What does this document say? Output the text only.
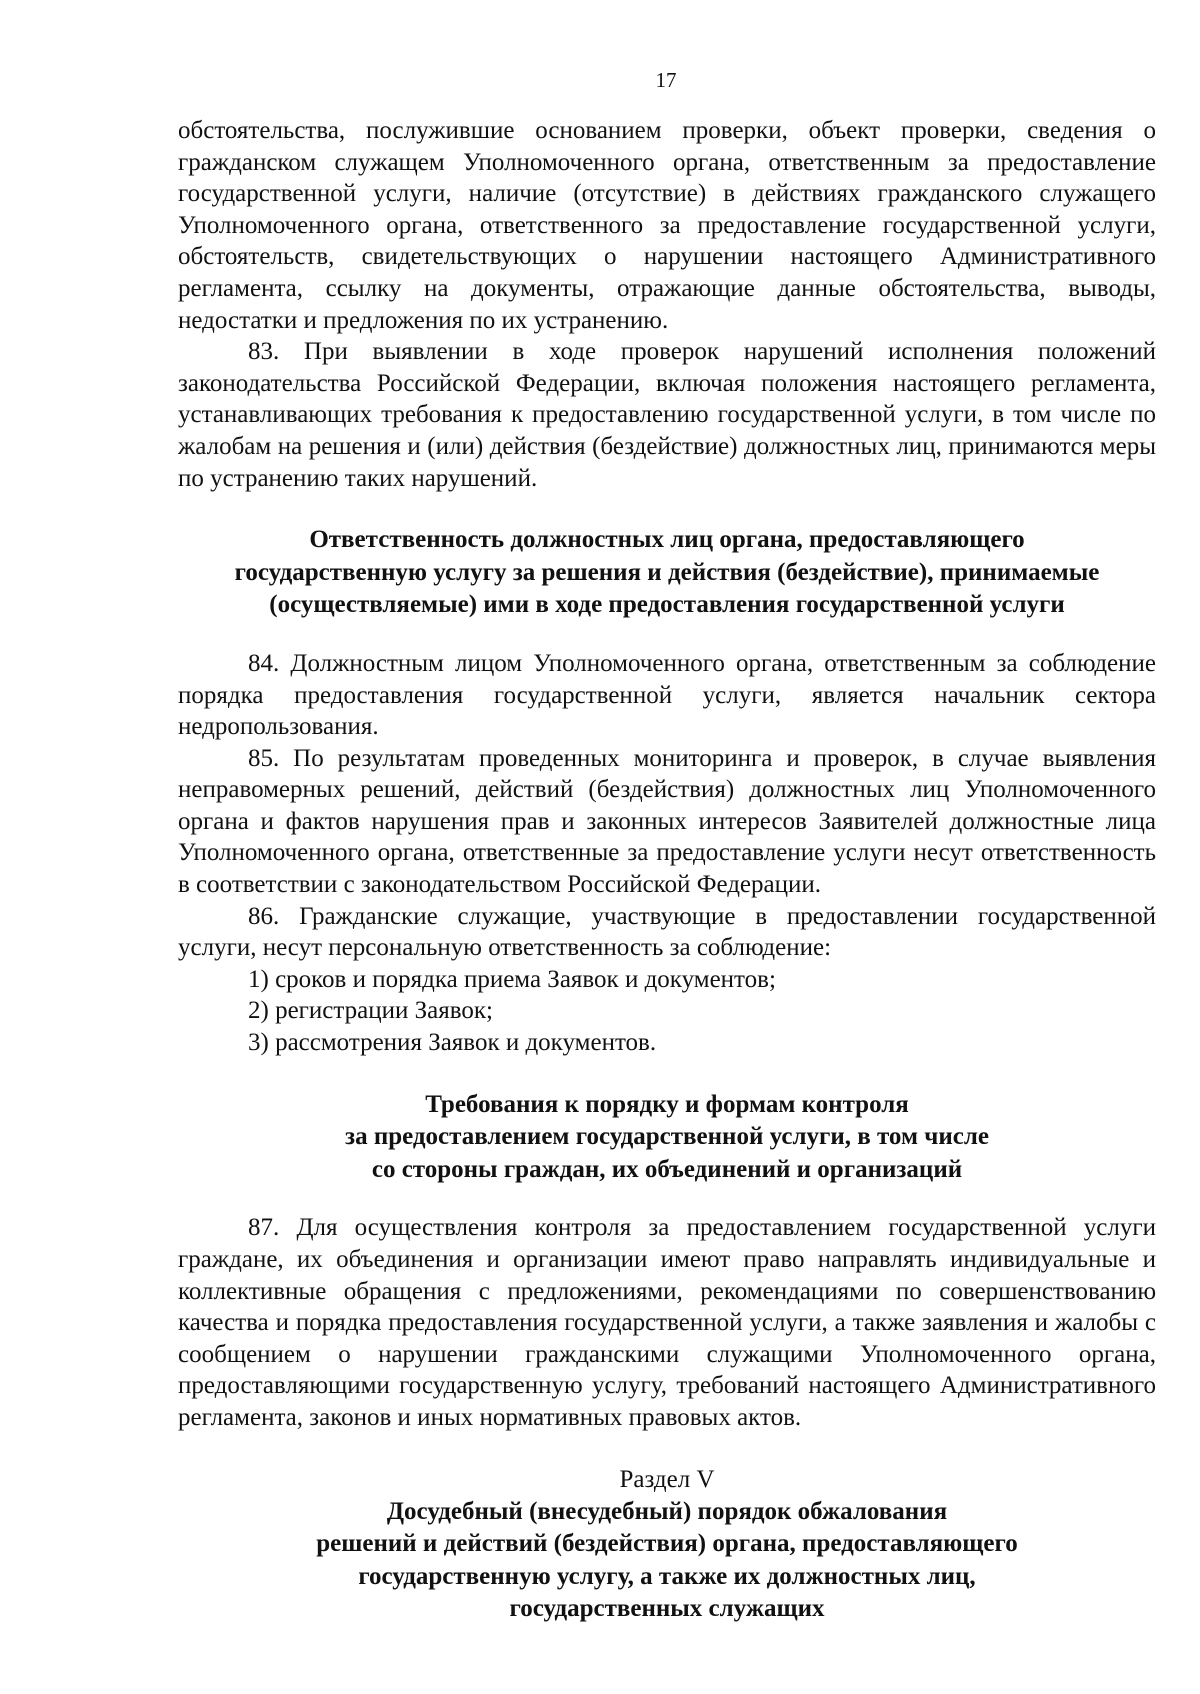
17

обстоятельства, послужившие основанием проверки, объект проверки, сведения о гражданском служащем Уполномоченного органа, ответственным за предоставление государственной услуги, наличие (отсутствие) в действиях гражданского служащего Уполномоченного органа, ответственного за предоставление государственной услуги, обстоятельств, свидетельствующих о нарушении настоящего Административного регламента, ссылку на документы, отражающие данные обстоятельства, выводы, недостатки и предложения по их устранению.

83. При выявлении в ходе проверок нарушений исполнения положений законодательства Российской Федерации, включая положения настоящего регламента, устанавливающих требования к предоставлению государственной услуги, в том числе по жалобам на решения и (или) действия (бездействие) должностных лиц, принимаются меры по устранению таких нарушений.

Ответственность должностных лиц органа, предоставляющего
государственную услугу за решения и действия (бездействие), принимаемые
(осуществляемые) ими в ходе предоставления государственной услуги

84. Должностным лицом Уполномоченного органа, ответственным за соблюдение порядка предоставления государственной услуги, является начальник сектора недропользования.

85. По результатам проведенных мониторинга и проверок, в случае выявления неправомерных решений, действий (бездействия) должностных лиц Уполномоченного органа и фактов нарушения прав и законных интересов Заявителей должностные лица Уполномоченного органа, ответственные за предоставление услуги несут ответственность в соответствии с законодательством Российской Федерации.

86. Гражданские служащие, участвующие в предоставлении государственной услуги, несут персональную ответственность за соблюдение:

1) сроков и порядка приема Заявок и документов;

2) регистрации Заявок;

3) рассмотрения Заявок и документов.

Требования к порядку и формам контроля
за предоставлением государственной услуги, в том числе
со стороны граждан, их объединений и организаций

87. Для осуществления контроля за предоставлением государственной услуги граждане, их объединения и организации имеют право направлять индивидуальные и коллективные обращения с предложениями, рекомендациями по совершенствованию качества и порядка предоставления государственной услуги, а также заявления и жалобы с сообщением о нарушении гражданскими служащими Уполномоченного органа, предоставляющими государственную услугу, требований настоящего Административного регламента, законов и иных нормативных правовых актов.

Раздел V

Досудебный (внесудебный) порядок обжалования
решений и действий (бездействия) органа, предоставляющего
государственную услугу, а также их должностных лиц,
государственных служащих
